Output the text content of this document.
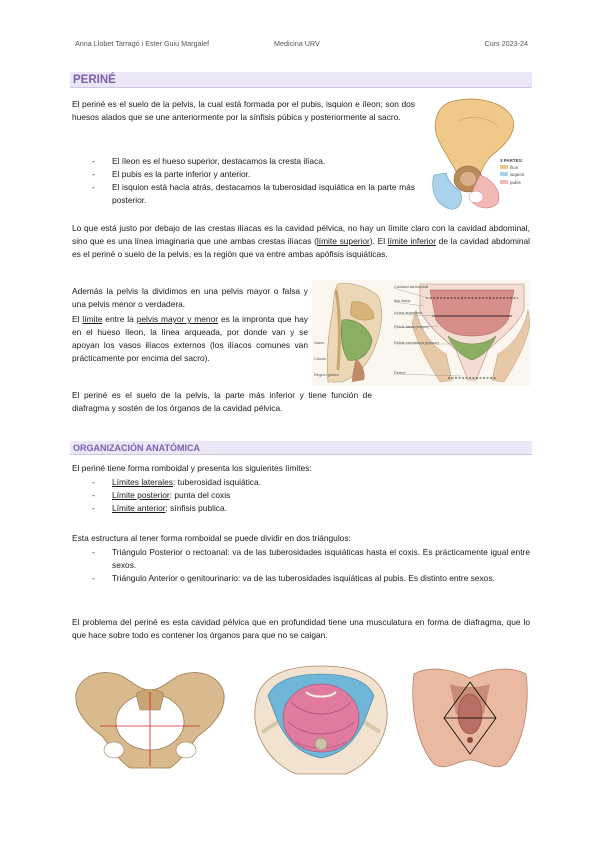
Anna Llobet Tarragó i Ester Guiu Margalef	Medicina URV	Curs 2023-24
PERINÉ
El periné es el suelo de la pelvis, la cual está formada por el pubis, isquion e íleon; son dos huesos alados que se une anteriormente por la sínfisis púbica y posteriormente al sacro.
- El íleon es el hueso superior, destacamos la cresta ilíaca.
- El pubis es la parte inferior y anterior.
- El isquion está hacia atrás, destacamos la tuberosidad isquiática en la parte más posterior.
3 PARTES:
ílion
isquion
pubis
Lo que está justo por debajo de las crestas ilíacas es la cavidad pélvica, no hay un límite claro con la cavidad abdominal, sino que es una línea imaginaria que une ambas crestas ilíacas (límite superior). El límite inferior de la cavidad abdominal es el periné o suelo de la pelvis, es la región que va entre ambas apófisis isquiáticas.
Además la pelvis la dividimos en una pelvis mayor o falsa y una pelvis menor o verdadera.
El límite entre la pelvis mayor y menor es la impronta que hay en el hueso íleon, la línea arqueada, por donde van y se apoyan los vasos ilíacos externos (los ilíacos comunes van prácticamente por encima del sacro).
Sacro
Cóccix
Región glútea
Cavidad abdominal
Ala ilíaca
Línea arqueada
Pelvis falsa (mayor)
Pelvis verdadera (menor)
Periné
El periné es el suelo de la pelvis, la parte más inferior y tiene función de diafragma y sostén de los órganos de la cavidad pélvica.
ORGANIZACIÓN ANATÓMICA
El periné tiene forma romboidal y presenta los siguientes límites:
- Límites laterales: tuberosidad isquiática.
- Límite posterior: punta del coxis
- Límite anterior: sínfisis publica.
Esta estructura al tener forma romboidal se puede dividir en dos triángulos:
- Triángulo Posterior o rectoanal: va de las tuberosidades isquiáticas hasta el coxis. Es prácticamente igual entre sexos.
- Triángulo Anterior o genitourinario: va de las tuberosidades isquiáticas al pubis. Es distinto entre sexos.
El problema del periné es esta cavidad pélvica que en profundidad tiene una musculatura en forma de diafragma, que lo que hace sobre todo es contener los órganos para que no se caigan.
